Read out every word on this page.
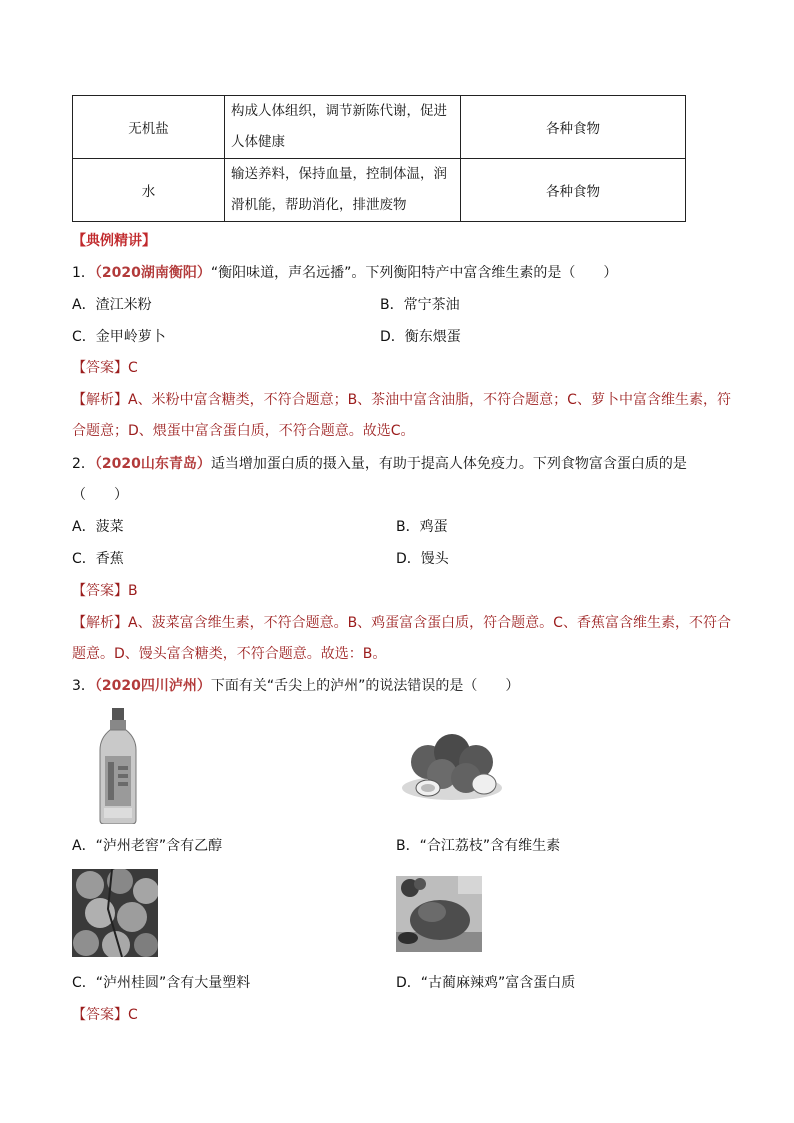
无机盐	构成人体组织，调节新陈代谢，促进人体健康	各种食物
水	输送养料，保持血量，控制体温，润滑机能，帮助消化，排泄废物	各种食物
【典例精讲】
1．（2020湖南衡阳）“衡阳味道，声名远播”。下列衡阳特产中富含维生素的是（　　）
A．渣江米粉	B．常宁茶油
C．金甲岭萝卜	D．衡东煨蛋
【答案】C
【解析】A、米粉中富含糖类，不符合题意；B、茶油中富含油脂，不符合题意；C、萝卜中富含维生素，符合题意；D、煨蛋中富含蛋白质，不符合题意。故选C。
2．（2020山东青岛）适当增加蛋白质的摄入量，有助于提高人体免疫力。下列食物富含蛋白质的是（　　）
A．菠菜	B．鸡蛋
C．香蕉	D．馒头
【答案】B
【解析】A、菠菜富含维生素，不符合题意。B、鸡蛋富含蛋白质，符合题意。C、香蕉富含维生素，不符合题意。D、馒头富含糖类，不符合题意。故选：B。
3．（2020四川泸州）下面有关“舌尖上的泸州”的说法错误的是（　　）
A．“泸州老窖”含有乙醇	B．“合江荔枝”含有维生素
C．“泸州桂圆”含有大量塑料	D．“古蔺麻辣鸡”富含蛋白质
【答案】C
